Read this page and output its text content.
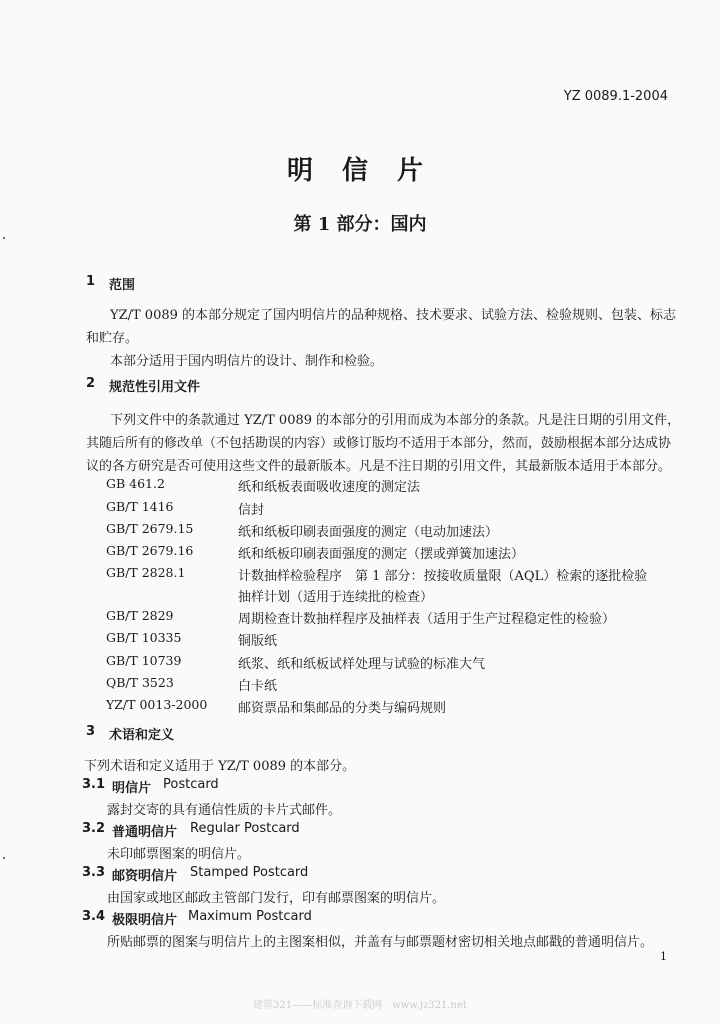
YZ 0089.1-2004
明 信 片
第 1 部分：国内
1 范围
YZ/T 0089 的本部分规定了国内明信片的品种规格、技术要求、试验方法、检验规则、包装、标志
和贮存。
本部分适用于国内明信片的设计、制作和检验。
2 规范性引用文件
下列文件中的条款通过 YZ/T 0089 的本部分的引用而成为本部分的条款。凡是注日期的引用文件，
其随后所有的修改单（不包括勘误的内容）或修订版均不适用于本部分，然而，鼓励根据本部分达成协
议的各方研究是否可使用这些文件的最新版本。凡是不注日期的引用文件，其最新版本适用于本部分。
GB 461.2	纸和纸板表面吸收速度的测定法
GB/T 1416	信封
GB/T 2679.15	纸和纸板印刷表面强度的测定（电动加速法）
GB/T 2679.16	纸和纸板印刷表面强度的测定（摆或弹簧加速法）
GB/T 2828.1	计数抽样检验程序　第 1 部分：按接收质量限（AQL）检索的逐批检验
抽样计划（适用于连续批的检查）
GB/T 2829	周期检查计数抽样程序及抽样表（适用于生产过程稳定性的检验）
GB/T 10335	铜版纸
GB/T 10739	纸浆、纸和纸板试样处理与试验的标准大气
QB/T 3523	白卡纸
YZ/T 0013-2000 邮资票品和集邮品的分类与编码规则
3 术语和定义
下列术语和定义适用于 YZ/T 0089 的本部分。
3.1 明信片 Postcard
露封交寄的具有通信性质的卡片式邮件。
3.2 普通明信片 Regular Postcard
未印邮票图案的明信片。
3.3 邮资明信片 Stamped Postcard
由国家或地区邮政主管部门发行，印有邮票图案的明信片。
3.4 极限明信片 Maximum Postcard
所贴邮票的图案与明信片上的主图案相似，并盖有与邮票题材密切相关地点邮戳的普通明信片。
1
建筑321——标准查询下载网　www.jz321.net
